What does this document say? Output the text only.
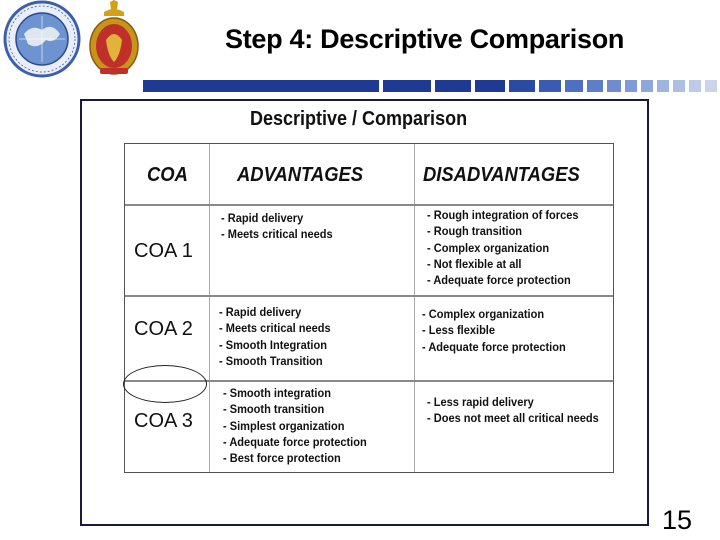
Step 4: Descriptive Comparison
Descriptive / Comparison
COA ADVANTAGES	DISADVANTAGES
COA 1
- Rapid delivery
- Meets critical needs
- Rough integration of forces
- Rough transition
- Complex organization
- Not flexible at all
- Adequate force protection
COA 2
- Rapid delivery
- Meets critical needs
- Smooth Integration
- Smooth Transition
- Complex organization
- Less flexible
- Adequate force protection
COA 3
- Smooth integration
- Smooth transition
- Simplest organization
- Adequate force protection
- Best force protection
- Less rapid delivery
- Does not meet all critical needs
15
